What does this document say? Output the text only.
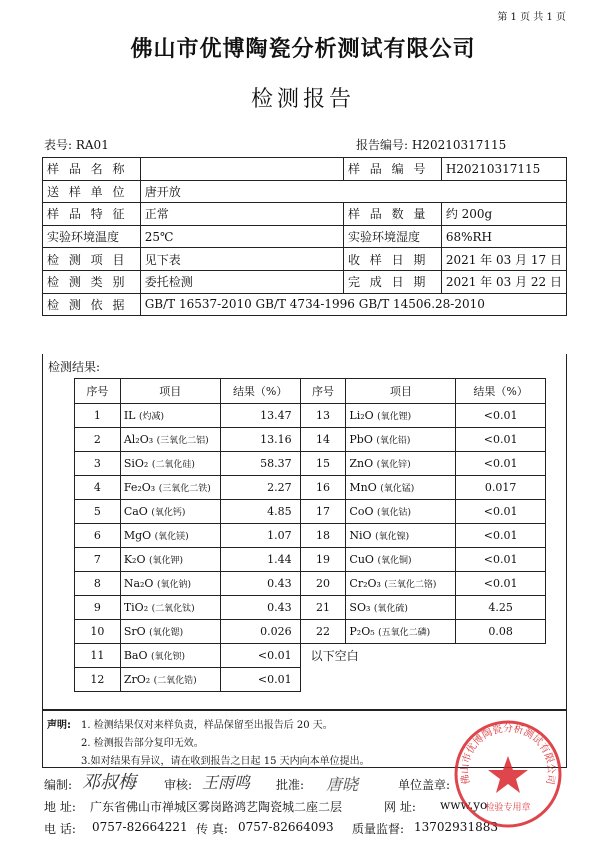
第 1 页 共 1 页
佛山市优博陶瓷分析测试有限公司
检测报告
表号: RA01	报告编号: H20210317115
样 品 名 称		样 品 编 号	H20210317115
送 样 单 位	唐开放		
样 品 特 征	正常	样 品 数 量	约 200g
实验环境温度	25℃	实验环境湿度	68%RH
检 测 项 目	见下表	收 样 日 期	2021 年 03 月 17 日
检 测 类 别	委托检测	完 成 日 期	2021 年 03 月 22 日
检 测 依 据	GB/T 16537-2010 GB/T 4734-1996 GB/T 14506.28-2010		
检测结果:
序号	项目	结果（%）	序号	项目	结果（%）
1	IL (灼减)	13.47	13	Li₂O (氧化锂)	<0.01
2	Al₂O₃ (三氧化二铝)	13.16	14	PbO (氧化铅)	<0.01
3	SiO₂ (二氧化硅)	58.37	15	ZnO (氧化锌)	<0.01
4	Fe₂O₃ (三氧化二铁)	2.27	16	MnO (氧化锰)	0.017
5	CaO (氧化钙)	4.85	17	CoO (氧化钴)	<0.01
6	MgO (氧化镁)	1.07	18	NiO (氧化镍)	<0.01
7	K₂O (氧化钾)	1.44	19	CuO (氧化铜)	<0.01
8	Na₂O (氧化钠)	0.43	20	Cr₂O₃ (三氧化二铬)	<0.01
9	TiO₂ (二氧化钛)	0.43	21	SO₃ (氧化硫)	4.25
10	SrO (氧化锶)	0.026	22	P₂O₅ (五氧化二磷)	0.08
11	BaO (氧化钡)	<0.01	以下空白		
12	ZrO₂ (二氧化锆)	<0.01			
声明: 1. 检测结果仅对来样负责，样品保留至出报告后 20 天。
2. 检测报告部分复印无效。
3.如对结果有异议，请在收到报告之日起 15 天内向本单位提出。
编制: 邓叔梅 审核: 王雨鸣 批准: 唐晓	单位盖章:
地 址: 广东省佛山市禅城区雾岗路鸿艺陶瓷城二座二层	网 址: www.yo
电 话: 0757-82664221 传 真: 0757-82664093 质量监督: 13702931883
佛山市优博陶瓷分析测试有限公司
检验专用章
